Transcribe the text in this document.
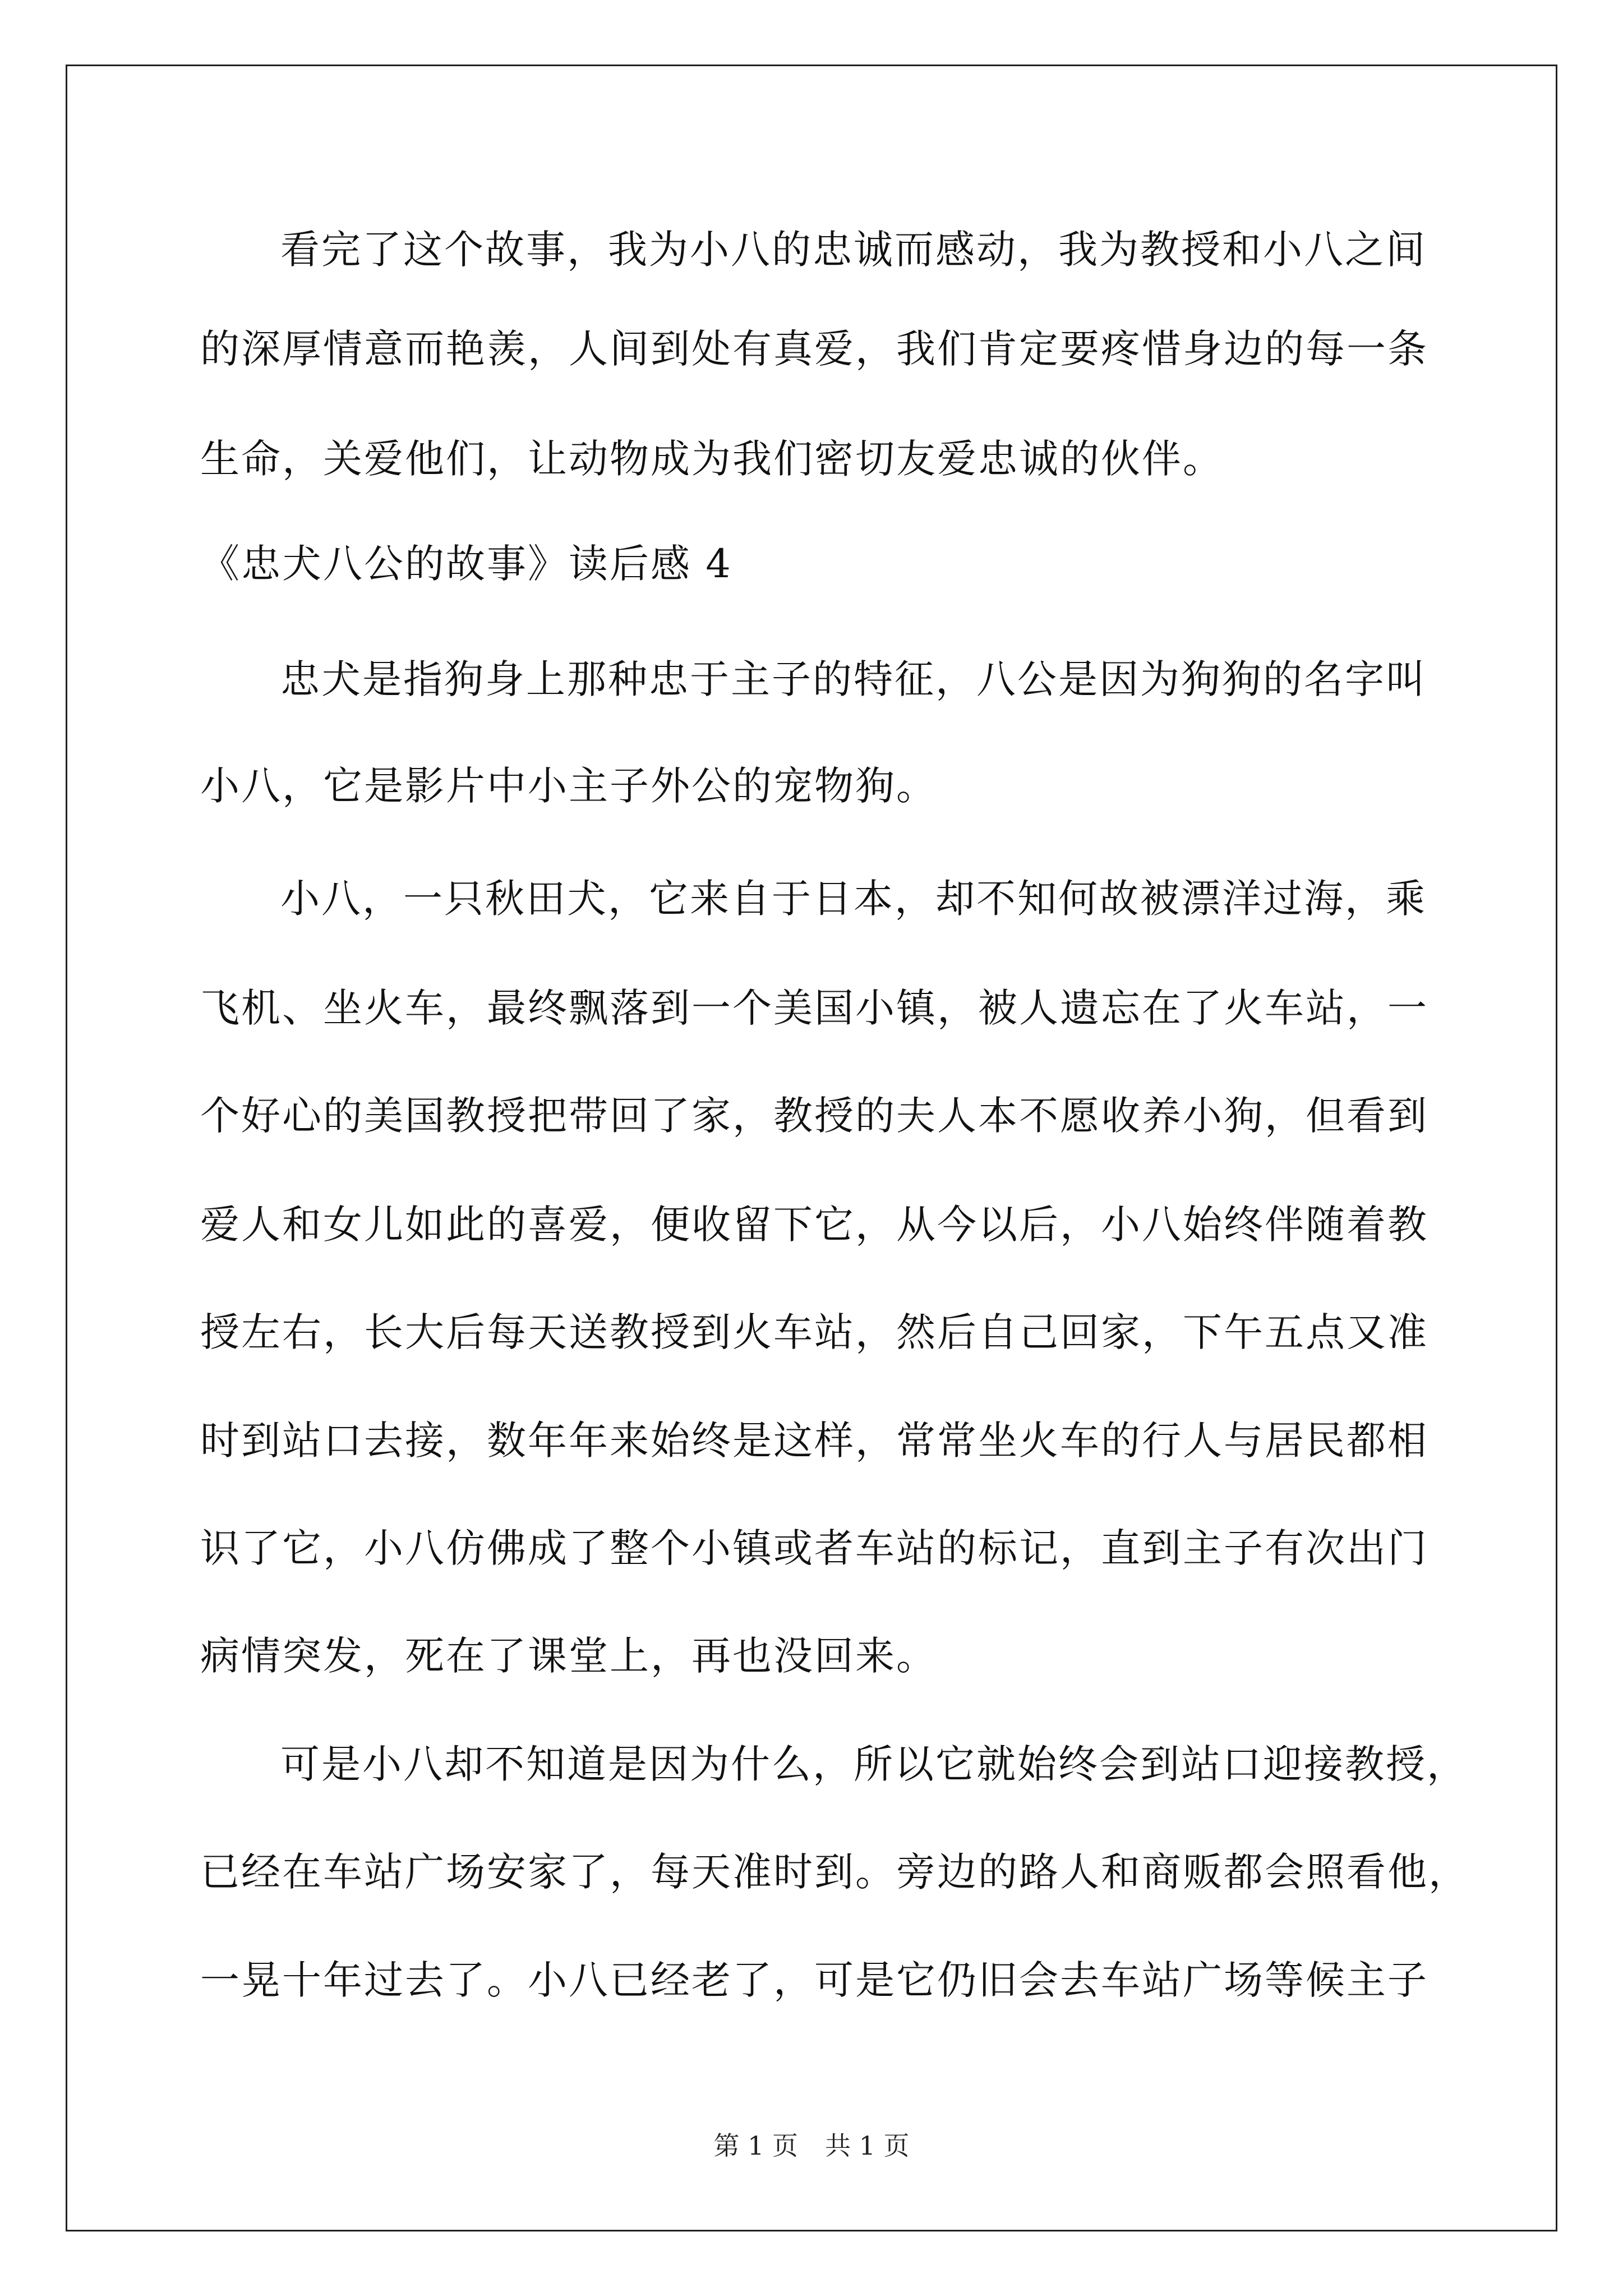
看完了这个故事，我为小八的忠诚而感动，我为教授和小八之间
的深厚情意而艳羡，人间到处有真爱，我们肯定要疼惜身边的每一条
生命，关爱他们，让动物成为我们密切友爱忠诚的伙伴。
《忠犬八公的故事》读后感 4
忠犬是指狗身上那种忠于主子的特征，八公是因为狗狗的名字叫
小八，它是影片中小主子外公的宠物狗。
小八，一只秋田犬，它来自于日本，却不知何故被漂洋过海，乘
飞机、坐火车，最终飘落到一个美国小镇，被人遗忘在了火车站，一
个好心的美国教授把带回了家，教授的夫人本不愿收养小狗，但看到
爱人和女儿如此的喜爱，便收留下它，从今以后，小八始终伴随着教
授左右，长大后每天送教授到火车站，然后自己回家，下午五点又准
时到站口去接，数年年来始终是这样，常常坐火车的行人与居民都相
识了它，小八仿佛成了整个小镇或者车站的标记，直到主子有次出门
病情突发，死在了课堂上，再也没回来。
可是小八却不知道是因为什么，所以它就始终会到站口迎接教授，
已经在车站广场安家了，每天准时到。旁边的路人和商贩都会照看他，
一晃十年过去了。小八已经老了，可是它仍旧会去车站广场等候主子
第 1 页 共 1 页
